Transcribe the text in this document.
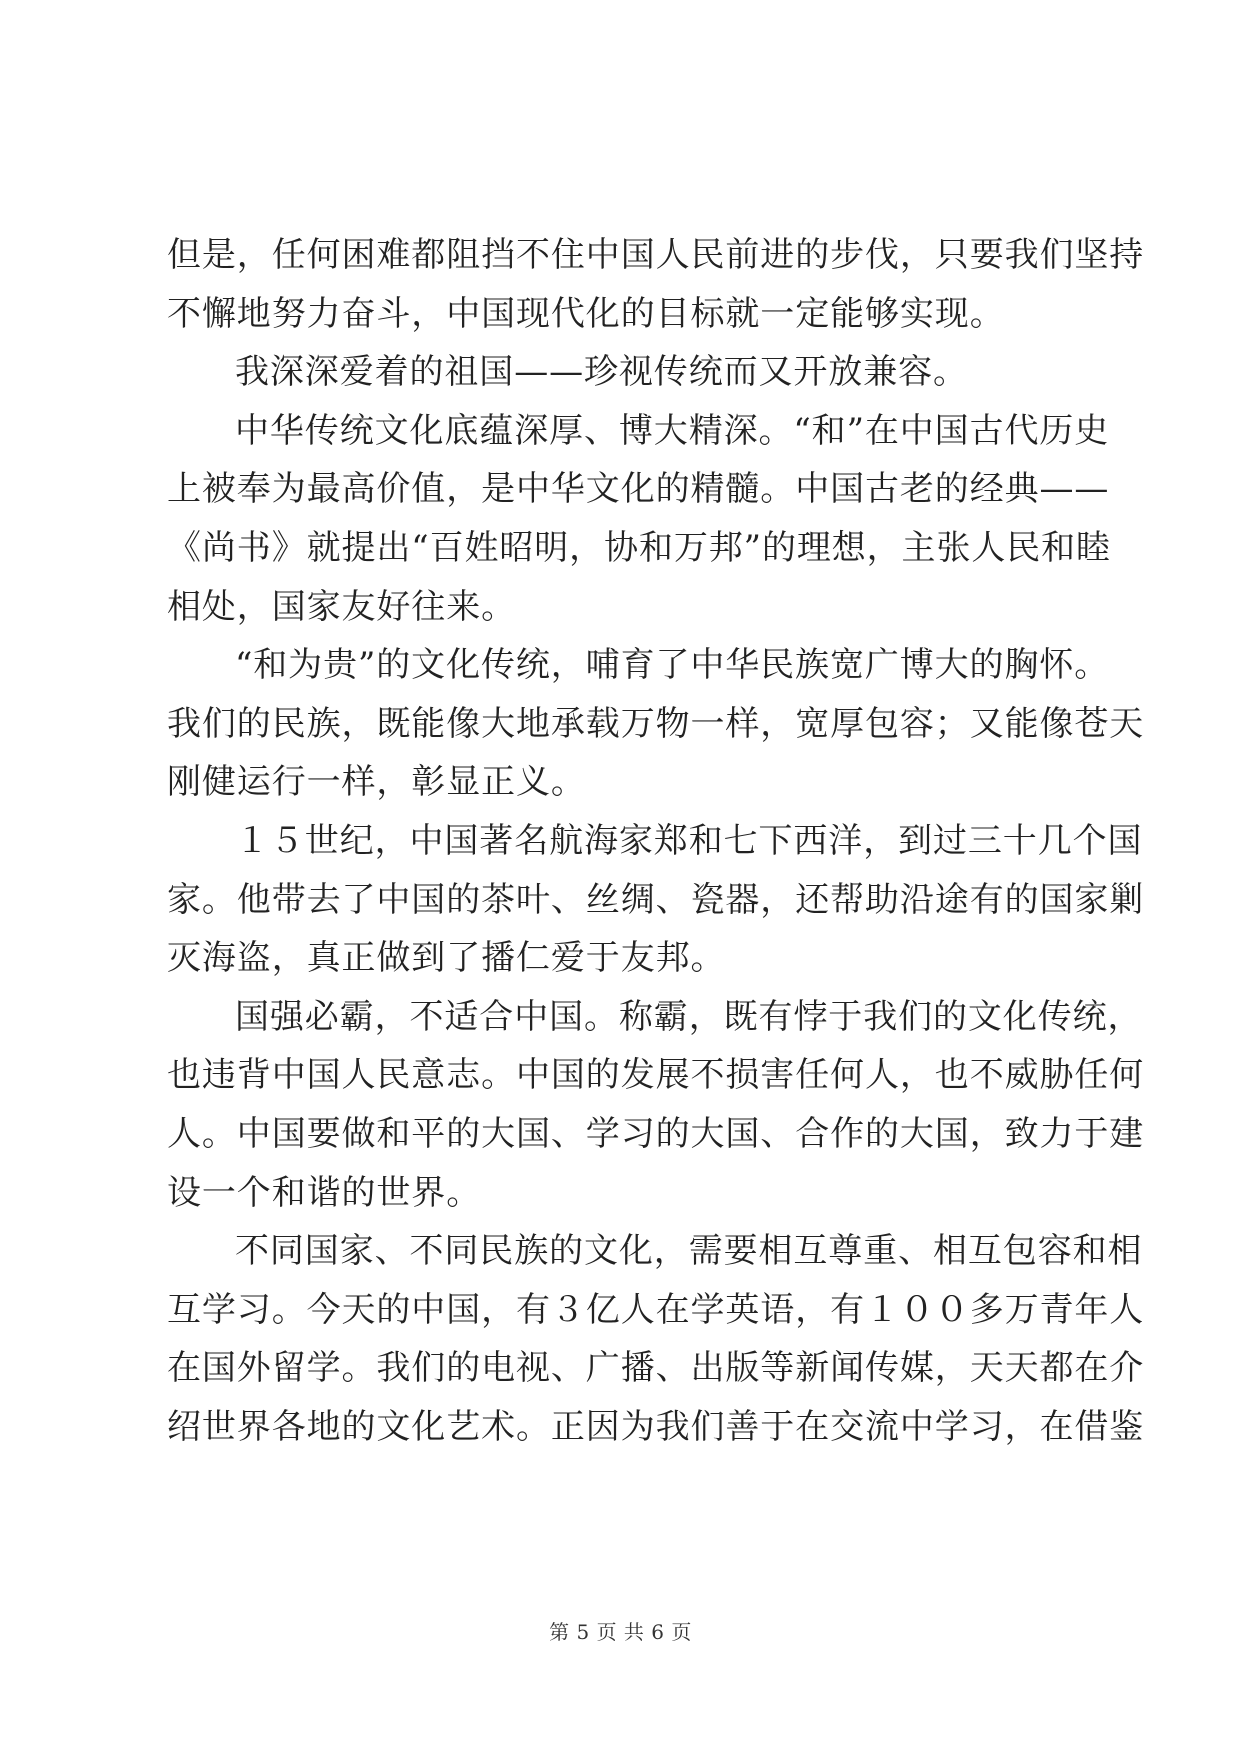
但是，任何困难都阻挡不住中国人民前进的步伐，只要我们坚持
不懈地努力奋斗，中国现代化的目标就一定能够实现。
我深深爱着的祖国——珍视传统而又开放兼容。
中华传统文化底蕴深厚、博大精深。“和”在中国古代历史
上被奉为最高价值，是中华文化的精髓。中国古老的经典——
《尚书》就提出“百姓昭明，协和万邦”的理想，主张人民和睦
相处，国家友好往来。
“和为贵”的文化传统，哺育了中华民族宽广博大的胸怀。
我们的民族，既能像大地承载万物一样，宽厚包容；又能像苍天
刚健运行一样，彰显正义。
１５世纪，中国著名航海家郑和七下西洋，到过三十几个国
家。他带去了中国的茶叶、丝绸、瓷器，还帮助沿途有的国家剿
灭海盗，真正做到了播仁爱于友邦。
国强必霸，不适合中国。称霸，既有悖于我们的文化传统，
也违背中国人民意志。中国的发展不损害任何人，也不威胁任何
人。中国要做和平的大国、学习的大国、合作的大国，致力于建
设一个和谐的世界。
不同国家、不同民族的文化，需要相互尊重、相互包容和相
互学习。今天的中国，有３亿人在学英语，有１００多万青年人
在国外留学。我们的电视、广播、出版等新闻传媒，天天都在介
绍世界各地的文化艺术。正因为我们善于在交流中学习，在借鉴
第 5 页 共 6 页
